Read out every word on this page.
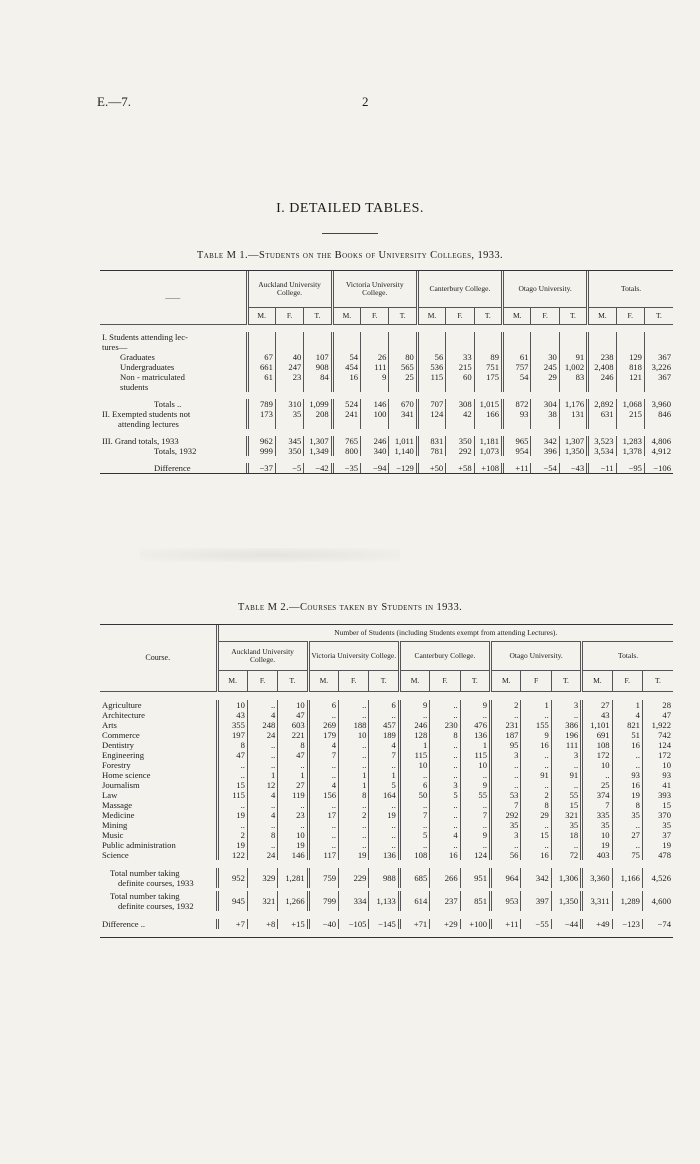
E.—7.	2
I. DETAILED TABLES.
Table M 1.—Students on the Books of University Colleges, 1933.
——	Auckland University College.			Victoria University College.			Canterbury College.			Otago University.			Totals.		
	M.	F.	T.	M.	F.	T.	M.	F.	T.	M.	F.	T.	M.	F.	T.

I. Students attending lec-															
tures—															
Graduates	67	40	107	54	26	80	56	33	89	61	30	91	238	129	367
Undergraduates	661	247	908	454	111	565	536	215	751	757	245	1,002	2,408	818	3,226
Non - matriculated	61	23	84	16	9	25	115	60	175	54	29	83	246	121	367
students															

Totals ..	789	310	1,099	524	146	670	707	308	1,015	872	304	1,176	2,892	1,068	3,960
II. Exempted students not	173	35	208	241	100	341	124	42	166	93	38	131	631	215	846
attending lectures															

III. Grand totals, 1933	962	345	1,307	765	246	1,011	831	350	1,181	965	342	1,307	3,523	1,283	4,806
Totals, 1932	999	350	1,349	800	340	1,140	781	292	1,073	954	396	1,350	3,534	1,378	4,912

Difference	−37	−5	−42	−35	−94	−129	+50	+58	+108	+11	−54	−43	−11	−95	−106
Table M 2.—Courses taken by Students in 1933.
Course.	Number of Students (including Students exempt from attending Lectures).														
	Auckland University College.			Victoria University College.			Canterbury College.			Otago University.			Totals.		
	M.	F.	T.	M.	F.	T.	M.	F.	T.	M.	F	T.	M.	F.	T.

Agriculture	10	..	10	6	..	6	9	..	9	2	1	3	27	1	28
Architecture	43	4	47	..	..	..	..	..	..	..	..	..	43	4	47
Arts	355	248	603	269	188	457	246	230	476	231	155	386	1,101	821	1,922
Commerce	197	24	221	179	10	189	128	8	136	187	9	196	691	51	742
Dentistry	8	..	8	4	..	4	1	..	1	95	16	111	108	16	124
Engineering	47	..	47	7	..	7	115	..	115	3	..	3	172	..	172
Forestry	..	..	..	..	..	..	10	..	10	..	..	..	10	..	10
Home science	..	1	1	..	1	1	..	..	..	..	91	91	..	93	93
Journalism	15	12	27	4	1	5	6	3	9	..	..	..	25	16	41
Law	115	4	119	156	8	164	50	5	55	53	2	55	374	19	393
Massage	..	..	..	..	..	..	..	..	..	7	8	15	7	8	15
Medicine	19	4	23	17	2	19	7	..	7	292	29	321	335	35	370
Mining	..	..	..	..	..	..	..	..	..	35	..	35	35	..	35
Music	2	8	10	..	..	..	5	4	9	3	15	18	10	27	37
Public administration	19	..	19	..	..	..	..	..	..	..	..	..	19	..	19
Science	122	24	146	117	19	136	108	16	124	56	16	72	403	75	478

Total number taking
definite courses, 1933	952	329	1,281	759	229	988	685	266	951	964	342	1,306	3,360	1,166	4,526

Total number taking
definite courses, 1932	945	321	1,266	799	334	1,133	614	237	851	953	397	1,350	3,311	1,289	4,600

Difference ..	+7	+8	+15	−40	−105	−145	+71	+29	+100	+11	−55	−44	+49	−123	−74
